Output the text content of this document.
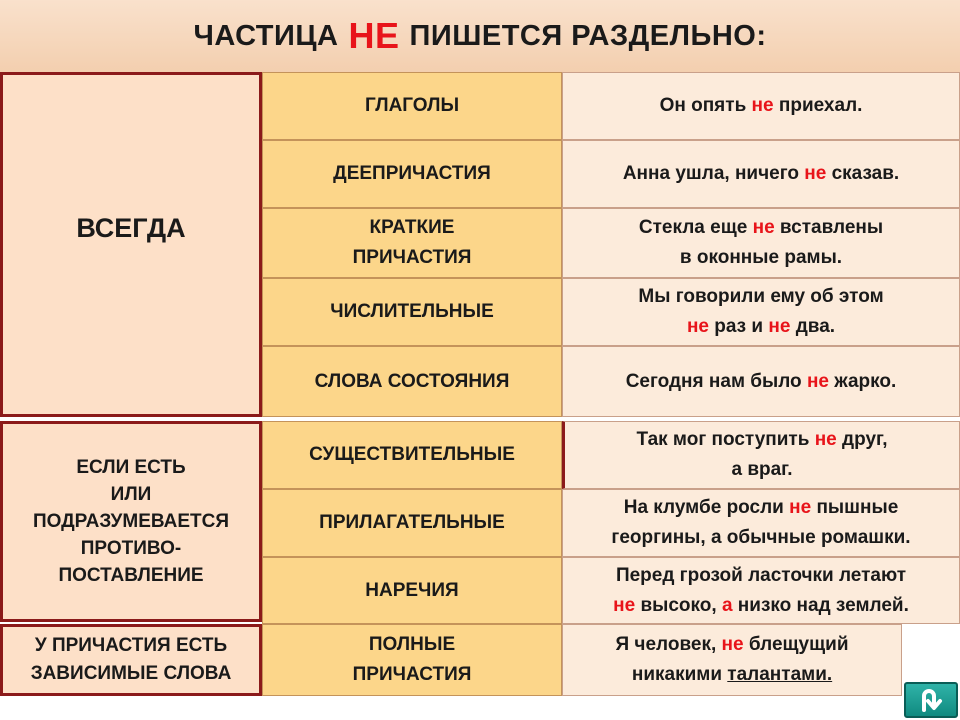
ЧАСТИЦА НЕ ПИШЕТСЯ РАЗДЕЛЬНО:
ВСЕГДА
ЕСЛИ ЕСТЬ
ИЛИ
ПОДРАЗУМЕВАЕТСЯ
ПРОТИВО-
ПОСТАВЛЕНИЕ
У ПРИЧАСТИЯ ЕСТЬ
ЗАВИСИМЫЕ СЛОВА
ГЛАГОЛЫ
ДЕЕПРИЧАСТИЯ
КРАТКИЕ
ПРИЧАСТИЯ
ЧИСЛИТЕЛЬНЫЕ
СЛОВА СОСТОЯНИЯ
СУЩЕСТВИТЕЛЬНЫЕ
ПРИЛАГАТЕЛЬНЫЕ
НАРЕЧИЯ
ПОЛНЫЕ
ПРИЧАСТИЯ
Он опять не приехал.
Анна ушла, ничего не сказав.
Стекла еще не вставлены
в оконные рамы.
Мы говорили ему об этом
не раз и не два.
Сегодня нам было не жарко.
Так мог поступить не друг,
а враг.
На клумбе росли не пышные
георгины, а обычные ромашки.
Перед грозой ласточки летают
не высоко, а низко над землей.
Я человек, не блещущий
никакими талантами.
